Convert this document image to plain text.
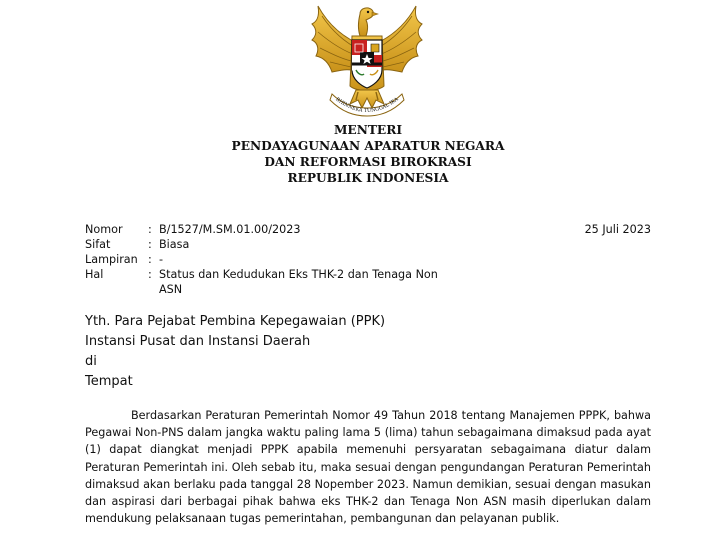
BHINNEKA TUNGGAL IKA
MENTERI
PENDAYAGUNAAN APARATUR NEGARA
DAN REFORMASI BIROKRASI
REPUBLIK INDONESIA
25 Juli 2023
Nomor : B/1527/M.SM.01.00/2023
Sifat	: Biasa
Lampiran : -
Hal	: Status dan Kedudukan Eks THK-2 dan Tenaga Non ASN
Yth. Para Pejabat Pembina Kepegawaian (PPK)
Instansi Pusat dan Instansi Daerah
di
Tempat

Berdasarkan Peraturan Pemerintah Nomor 49 Tahun 2018 tentang Manajemen PPPK, bahwa Pegawai Non-PNS dalam jangka waktu paling lama 5 (lima) tahun sebagaimana dimaksud pada ayat (1) dapat diangkat menjadi PPPK apabila memenuhi persyaratan sebagaimana diatur dalam Peraturan Pemerintah ini. Oleh sebab itu, maka sesuai dengan pengundangan Peraturan Pemerintah dimaksud akan berlaku pada tanggal 28 Nopember 2023. Namun demikian, sesuai dengan masukan dan aspirasi dari berbagai pihak bahwa eks THK-2 dan Tenaga Non ASN masih diperlukan dalam mendukung pelaksanaan tugas pemerintahan, pembangunan dan pelayanan publik.
